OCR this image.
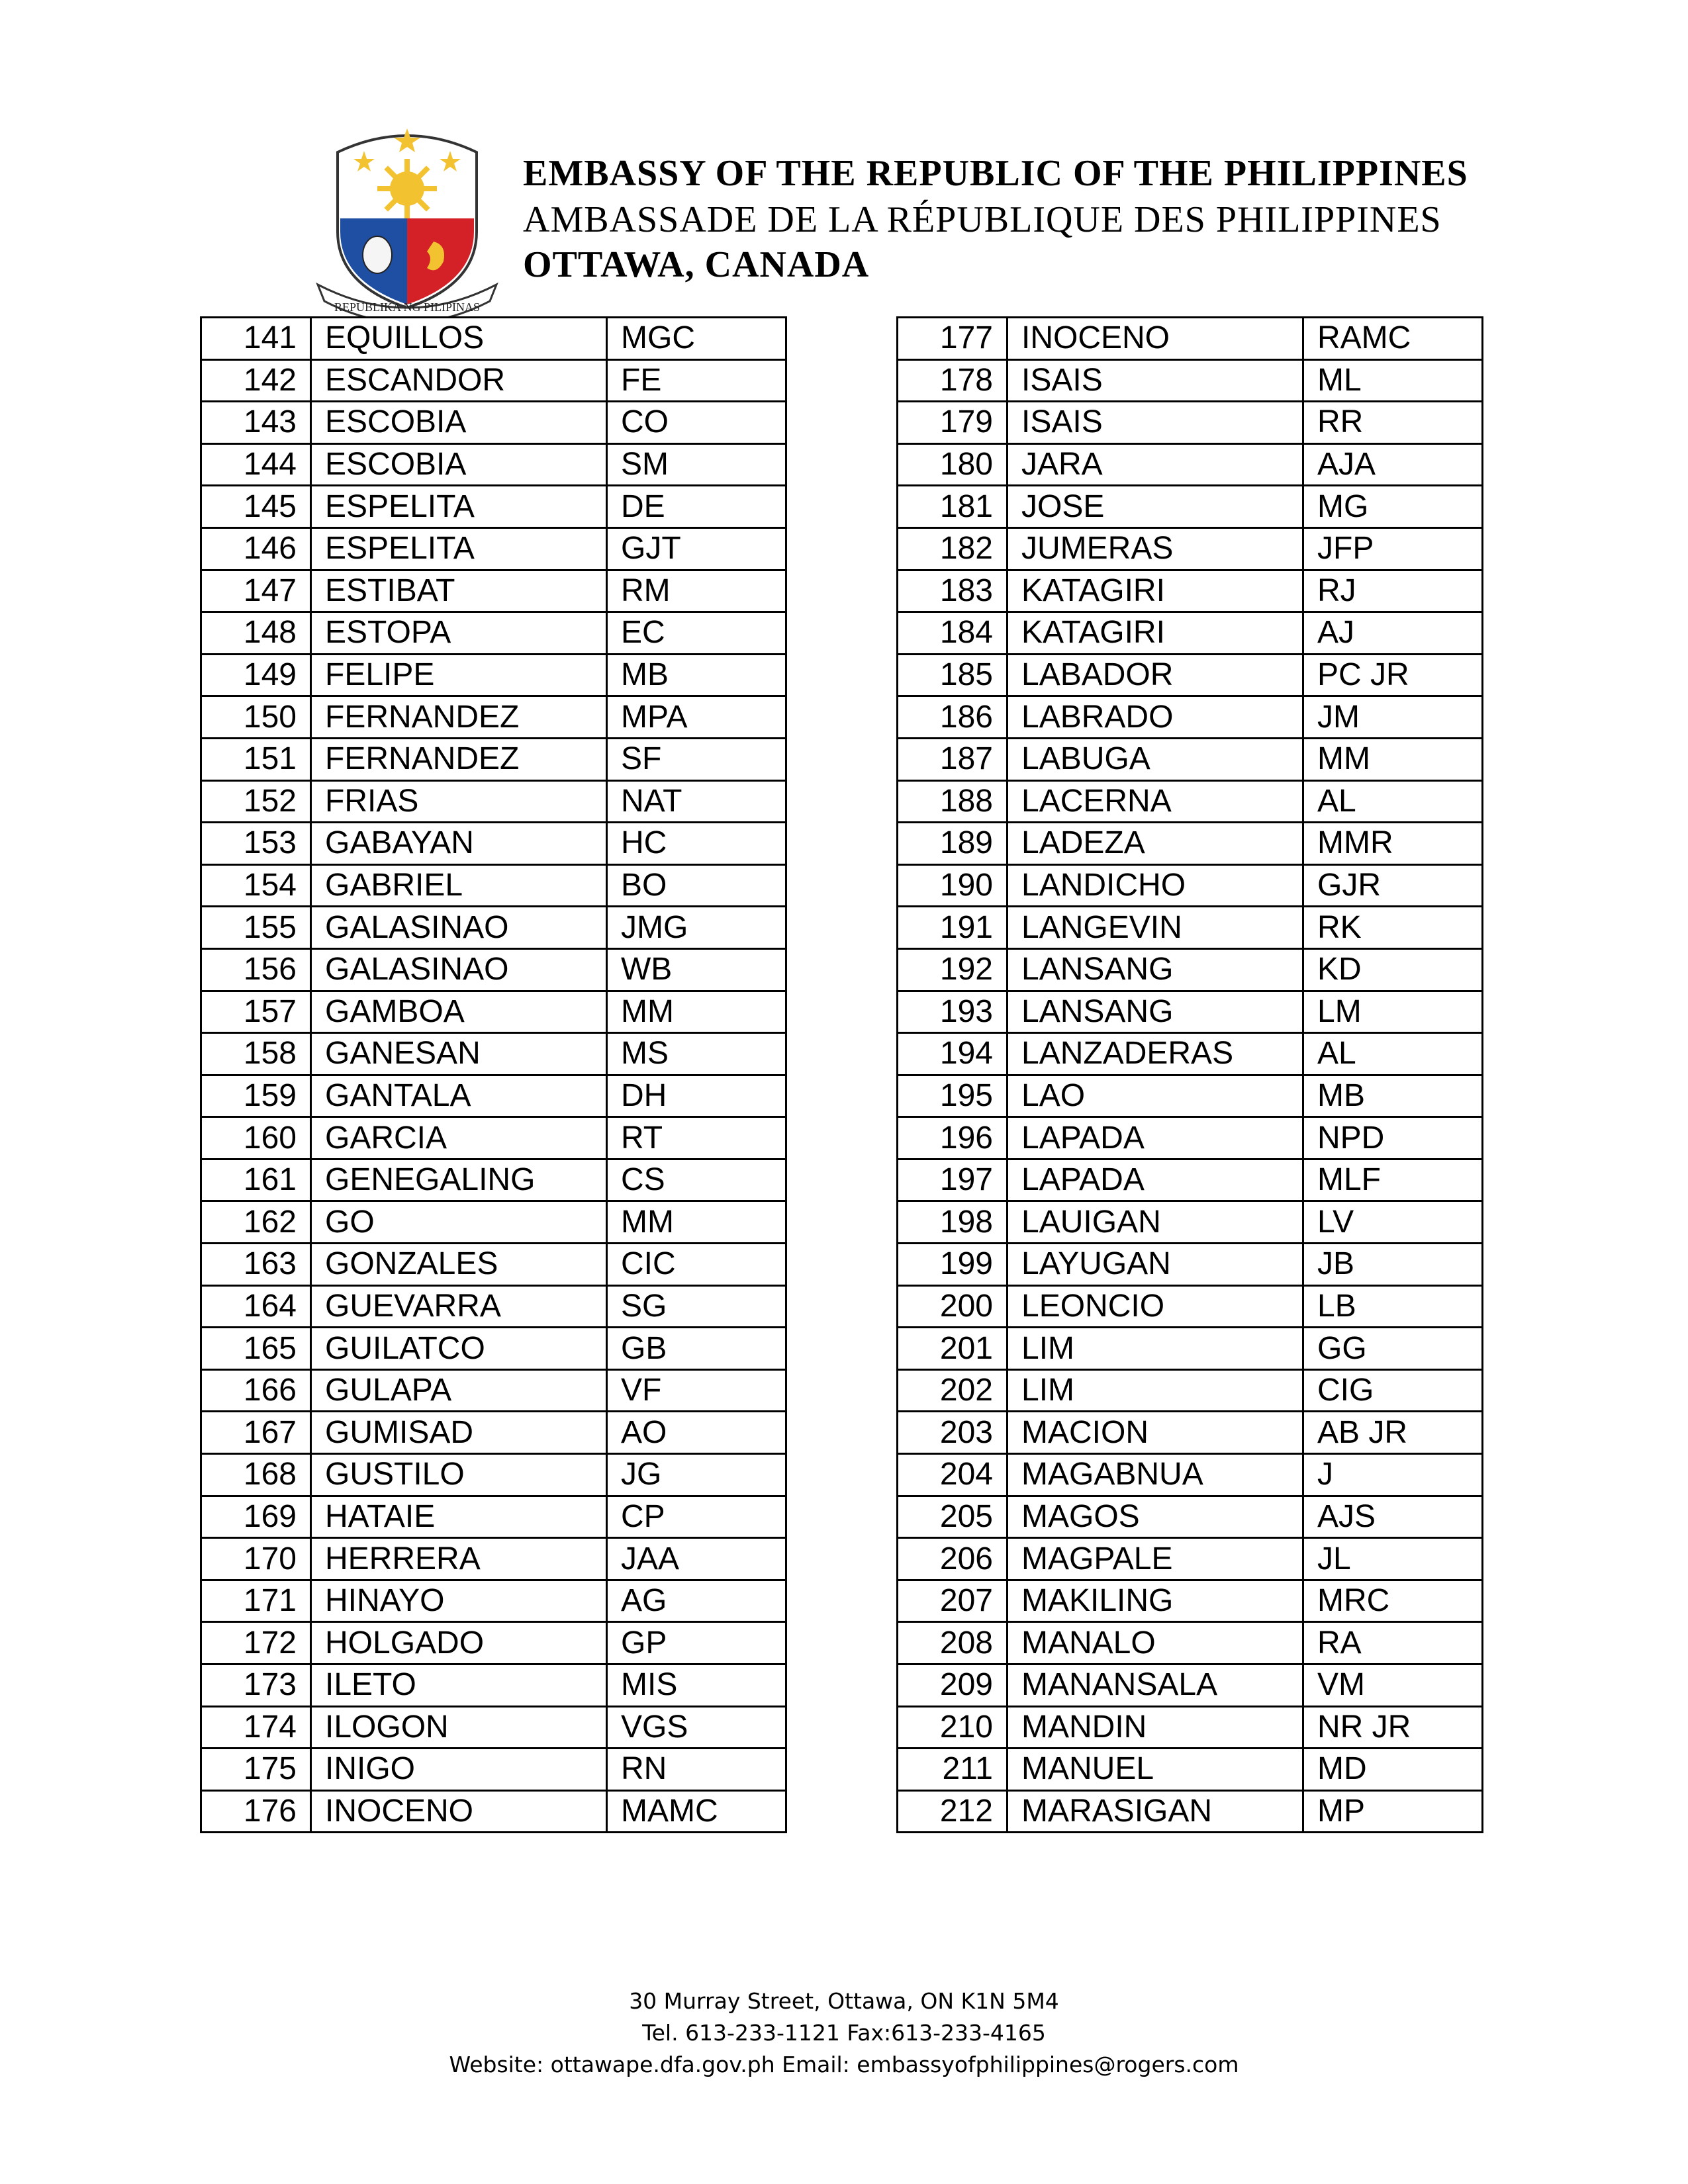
REPUBLIKA NG PILIPINAS
EMBASSY OF THE REPUBLIC OF THE PHILIPPINES
AMBASSADE DE LA RÉPUBLIQUE DES PHILIPPINES
OTTAWA, CANADA
141	EQUILLOS	MGC
142	ESCANDOR	FE
143	ESCOBIA	CO
144	ESCOBIA	SM
145	ESPELITA	DE
146	ESPELITA	GJT
147	ESTIBAT	RM
148	ESTOPA	EC
149	FELIPE	MB
150	FERNANDEZ	MPA
151	FERNANDEZ	SF
152	FRIAS	NAT
153	GABAYAN	HC
154	GABRIEL	BO
155	GALASINAO	JMG
156	GALASINAO	WB
157	GAMBOA	MM
158	GANESAN	MS
159	GANTALA	DH
160	GARCIA	RT
161	GENEGALING	CS
162	GO	MM
163	GONZALES	CIC
164	GUEVARRA	SG
165	GUILATCO	GB
166	GULAPA	VF
167	GUMISAD	AO
168	GUSTILO	JG
169	HATAIE	CP
170	HERRERA	JAA
171	HINAYO	AG
172	HOLGADO	GP
173	ILETO	MIS
174	ILOGON	VGS
175	INIGO	RN
176	INOCENO	MAMC
177	INOCENO	RAMC
178	ISAIS	ML
179	ISAIS	RR
180	JARA	AJA
181	JOSE	MG
182	JUMERAS	JFP
183	KATAGIRI	RJ
184	KATAGIRI	AJ
185	LABADOR	PC JR
186	LABRADO	JM
187	LABUGA	MM
188	LACERNA	AL
189	LADEZA	MMR
190	LANDICHO	GJR
191	LANGEVIN	RK
192	LANSANG	KD
193	LANSANG	LM
194	LANZADERAS	AL
195	LAO	MB
196	LAPADA	NPD
197	LAPADA	MLF
198	LAUIGAN	LV
199	LAYUGAN	JB
200	LEONCIO	LB
201	LIM	GG
202	LIM	CIG
203	MACION	AB JR
204	MAGABNUA	J
205	MAGOS	AJS
206	MAGPALE	JL
207	MAKILING	MRC
208	MANALO	RA
209	MANANSALA	VM
210	MANDIN	NR JR
211	MANUEL	MD
212	MARASIGAN	MP
30 Murray Street, Ottawa, ON K1N 5M4
Tel. 613-233-1121 Fax:613-233-4165
Website: ottawape.dfa.gov.ph Email: embassyofphilippines@rogers.com
